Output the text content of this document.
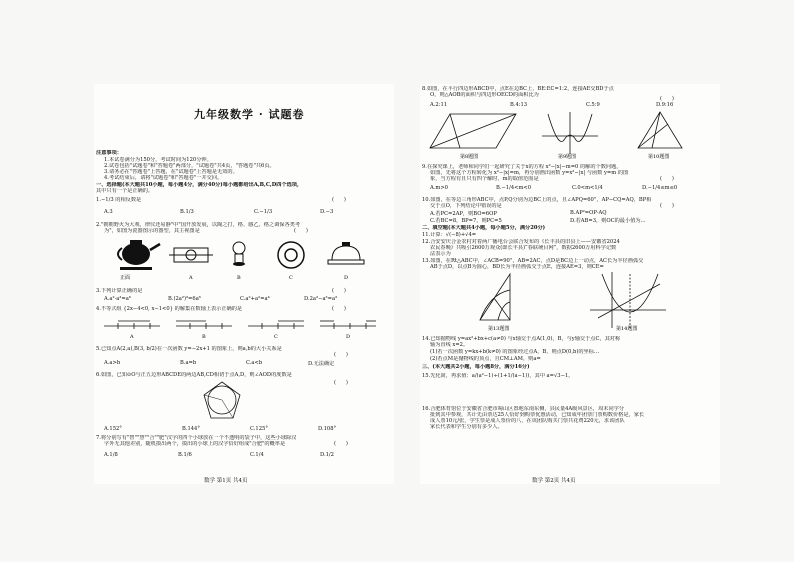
九年级数学 · 试题卷
注意事项：
1.本试卷满分为150分，考试时间为120分钟。
2.试卷包括"试题卷"和"答题卷"两部分，"试题卷"共4页，"答题卷"共6页。
3.请务必在"答题卷"上答题，在"试题卷"上答题是无效的。
4.考试结束后，请将"试题卷"和"答题卷"一并交回。
一、选择题(本大题共10小题，每小题4分，满分40分)每小题都给出A,B,C,D四个选项，
其中只有一个是正确的。
1.−1/3 的相反数是	(      )
A.3	B.1/3	C.−1/3	D.−3
2."朝朝野火为大观，律仪还易静"中"国开放发展，以陶之打，格、感乙，格之调保各类考
为"，如图为瓷器图示的器型，其主视图是	(      )
正面	A	B	C	D
3.下列计算正确的是	(      )
A.a²·a³=a⁶	B.(2a²)³=6a⁶	C.a²+a²=a⁴	D.2a³−a³=a³
4.不等式组 {2x−4<0, x−1<0} 的解集在数轴上表示正确的是	(      )
A	B	C	D
5.已知点A(2,a),B(3, b/2)在一次函数 y=−2x+1 的图象上，则a,b的大小关系是
(      )
A.a>b	B.a=b	C.a<b	D.无法确定
6.如图，已知⊙O与正五边形ABCDE的两边AB,CD相切于点A,D，则∠AOD的度数是
(      )
A.152°	B.144°	C.125°	D.108°
7.将分别写有"智""慧""合""肥"汉字的四个小球放在一个不透明的袋子中，这些小球除汉
字外无其他差别，随机摸出两个，摸出的小球上的汉字恰好组成"合肥"的概率是	(      )
A.1/8	B.1/6	C.1/4	D.1/2
数学 第1页 共4页
8.如图，在平行四边形ABCD中，点E在边BC上，BE:EC=1:2，连接AE交BD于点
O，则△AOB的面积与四边形OECD的面积比为
(      )
A.2:11	B.4:13	C.5:9	D.9:16
第8题图	第9题图	第10题图
9.在探究课上，老师和同学们一起研究了关于x的方程 x²−|x|−m=0 的解的个数问题，
如图，先将这个方程转化为 x²−|x|=m，再分别画出函数 y=x²−|x| 与函数 y=m 的图
象，当方程有且只有四个解时，m的取值范围是	(      )
A.m>0	B.−1/4<m<0	C.0<m<1/4	D.−1/4≤m≤0
10.如图，在等边三角形ABC中，点P,Q分别为边BC上的点，且∠APQ=60°，AP−CQ=AQ，BP相
交于点O，下列结论中错误的是	(      )
A.若PC=2AP，则BO=6OP	B.AP²=OP·AQ
C.若BC=8，BP=7，则PC=5	D.若AB=3，则OC的最小值为…
二、填空题(本大题共4小题，每小题5分，满分20分)
11.计算：√(−8)+√4=
12.合安安庆合金农村对着两广播电台会联合发布的《长丰县的旧县上——安徽省2024
农民春晚》共吸引2600万观众(即长丰县)“春联统目网”，数据2600万用科学记数
法表示为
13.如图，在Rt△ABC中，∠ACB=90°，AB=2AC，点D是BC边上一动点，AC长为半径画弧交
AB于点D，以点B为圆心，BD长为半径画弧交于点E，连接AE=3，则CE=
第13题图	第14题图
14.已知抛物线 y=ax²+bx+c(a≠0) 与x轴交于点A(1,0)，B，与y轴交于点C，其对称
轴为直线 x=2。
(1)若一次函数 y=kx+b(k≠0) 的图象经过点A，B，则点D(0,b)的坐标…
(2)若点M是抛物线的顶点，且CM⊥AM，则a=
三、(本大题共2小题，每小题8分，满分16分)
15.先化简，再求值：a/(a²−1)÷(1+1/(a−1))，其中 a=√3−1。
16.合肥体育馆位于安徽省合肥市蜀山区置地东南东侧，县民量4A级风景区，周末同学分
批到其中参观，共计先由票达25人恰好到购票优惠活动，已知成年团票门票购数价格是，家长
成人票10元/张，学生票是成人票价的八，在该团队购买门票共花费220元，求该团队
家长代表和学生分别有多少人。
数学 第2页 共4页
